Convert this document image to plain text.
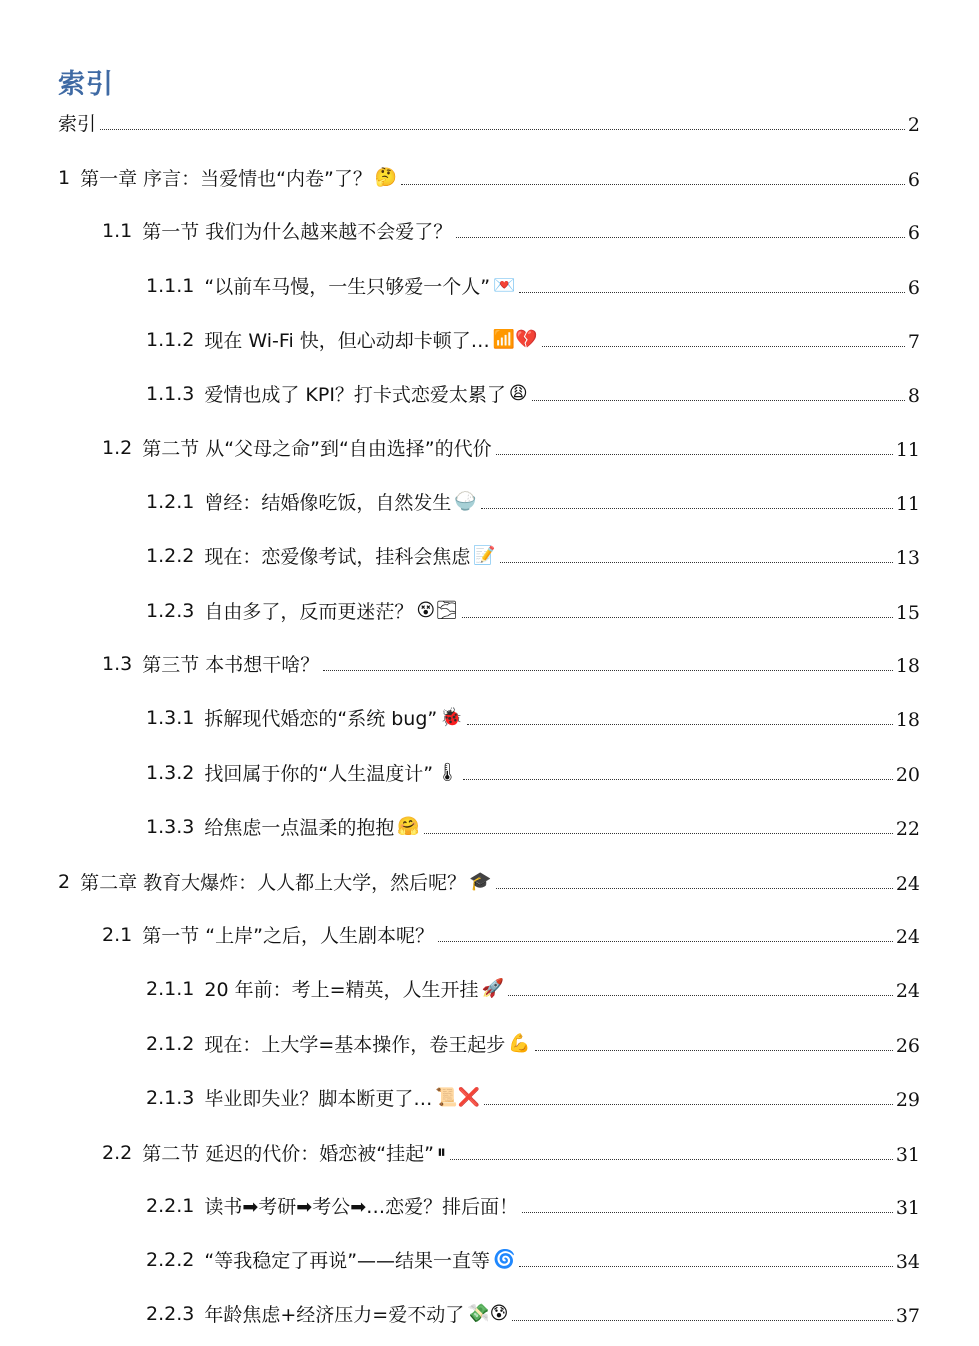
索引
索引	2
1 第一章 序言：当爱情也“内卷”了？ 🤔	6
1.1 第一节 我们为什么越来越不会爱了？	6
1.1.1 “以前车马慢，一生只够爱一个人” 💌	6
1.1.2 现在 Wi-Fi 快，但心动却卡顿了… 📶💔	7
1.1.3 爱情也成了 KPI？打卡式恋爱太累了 😩	8
1.2 第二节 从“父母之命”到“自由选择”的代价	11
1.2.1 曾经：结婚像吃饭，自然发生 🍚	11
1.2.2 现在：恋爱像考试，挂科会焦虑 📝	13
1.2.3 自由多了，反而更迷茫？ 😵🌫	15
1.3 第三节 本书想干啥？	18
1.3.1 拆解现代婚恋的“系统 bug” 🐞	18
1.3.2 找回属于你的“人生温度计” 🌡	20
1.3.3 给焦虑一点温柔的抱抱 🤗	22
2 第二章 教育大爆炸：人人都上大学，然后呢？ 🎓	24
2.1 第一节 “上岸”之后，人生剧本呢？	24
2.1.1 20 年前：考上=精英，人生开挂 🚀	24
2.1.2 现在：上大学=基本操作，卷王起步 💪	26
2.1.3 毕业即失业？脚本断更了… 📜❌	29
2.2 第二节 延迟的代价：婚恋被“挂起” ⏸	31
2.2.1 读书➡考研➡考公➡…恋爱？排后面！	31
2.2.2 “等我稳定了再说”——结果一直等 🌀	34
2.2.3 年龄焦虑+经济压力=爱不动了 💸😰	37
